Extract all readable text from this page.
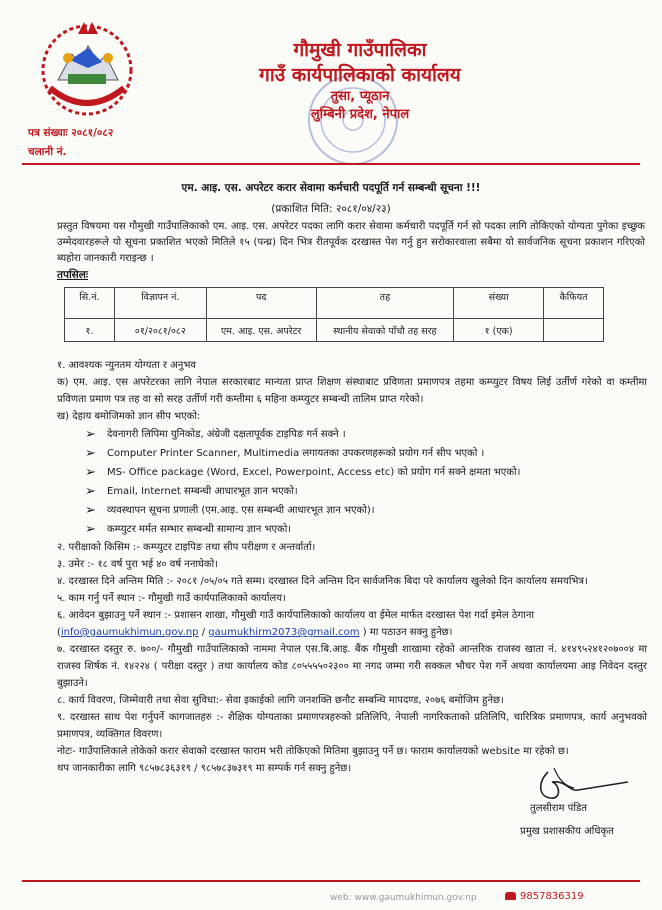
गौमुखी गाउँपालिका
गाउँ कार्यपालिकाको कार्यालय
तुसा, प्यूठान
लुम्बिनी प्रदेश, नेपाल
पत्र संख्याः २०८१/०८२
चलानी नं.
एम. आइ. एस. अपरेटर करार सेवामा कर्मचारी पदपूर्ति गर्न सम्बन्धी सूचना !!!
(प्रकाशित मिति: २०८१/०४/२३)
प्रस्तुत विषयमा यस गौमुखी गाउँपालिकाको एम. आइ. एस. अपरेटर पदका लागि करार सेवामा कर्मचारी पदपूर्ति गर्न सो पदका लागि तोकिएको योग्यता पुगेका इच्छुक उम्मेदवारहरूले यो सूचना प्रकाशित भएको मितिले १५ (पन्ध्र) दिन भित्र रीतपूर्वक दरखास्त पेश गर्नु हुन सरोकारवाला सबैमा यो सार्वजनिक सूचना प्रकाशन गरिएको ब्यहोरा जानकारी गराइन्छ ।
तपसिलः
सि.नं.	विज्ञापन नं.	पद	तह	संख्या	कैफियत
१.	०१/२०८१/०८२	एम. आइ. एस. अपरेटर	स्थानीय सेवाको पाँचौ तह सरह	१ (एक)	

१. आवश्यक न्युनतम योग्यता र अनुभव

क) एम. आइ. एस अपरेटरका लागि नेपाल सरकारबाट मान्यता प्राप्त शिक्षण संस्थाबाट प्रविणता प्रमाणपत्र तहमा कम्प्युटर विषय लिई उर्तीर्ण गरेको वा कम्तीमा प्रविणता प्रमाण पत्र तह वा सो सरह उर्तीर्ण गरी कम्तीमा ६ महिना कम्प्युटर सम्बन्धी तालिम प्राप्त गरेको।

ख) देहाय बमोजिमको ज्ञान सीप भएको:

➢ देवनागरी लिपिमा युनिकोड, अंग्रेजी दक्षतापूर्वक टाइपिङ गर्न सक्ने ।
➢ Computer Printer Scanner, Multimedia लगायतका उपकरणहरूको प्रयोग गर्न सीप भएको ।
➢ MS- Office package (Word, Excel, Powerpoint, Access etc) को प्रयोग गर्न सक्ने क्षमता भएको।
➢ Email, Internet सम्बन्धी आधारभूत ज्ञान भएको।
➢ व्यवस्थापन सूचना प्रणाली (एम.आइ. एस सम्बन्धी आधारभूत ज्ञान भएको)।
➢ कम्प्युटर मर्मत सम्भार सम्बन्धी सामान्य ज्ञान भएको।

२. परीक्षाको किसिम :- कम्प्युटर टाइपिङ तथा सीप परीक्षण र अन्तर्वार्ता।

३. उमेर :- १८ वर्ष पुरा भई ४० वर्ष ननाघेको।

४. दरखास्त दिने अन्तिम मिति :- २०८१ /०५/०५ गते सम्म। दरखास्त दिने अन्तिम दिन सार्वजनिक बिदा परे कार्यालय खुलेको दिन कार्यालय समयभित्र।

५. काम गर्नु पर्ने स्थान :- गौमुखी गाउँ कार्यपालिकाको कार्यालय।

६. आवेदन बुझाउनु पर्ने स्थान :- प्रशासन शाखा, गौमुखी गाउँ कार्यपालिकाको कार्यालय वा ईमेल मार्फत दरखास्त पेश गर्दा इमेल ठेगाना
(info@gaumukhimun.gov.np / gaumukhirm2073@gmail.com ) मा पठाउन सक्नु हुनेछ।

७. दरखास्त दस्तुर रु. ७००/- गौमुखी गाउँपालिकाको नाममा नेपाल एस.बि.आइ. बैंक गौमुखी शाखामा रहेको आन्तरिक राजस्व खाता नं. ४१४९५२४१२०७००४ मा राजस्व शिर्षक नं. १४२२४ ( परीक्षा दस्तुर ) तथा कार्यालय कोड ८०५५५५०२३०० मा नगद जम्मा गरी सक्कल भौचर पेश गर्ने अथवा कार्यालयमा आइ निवेदन दस्तुर बुझाउने।

८. कार्य विवरण, जिम्मेवारी तथा सेवा सुविधा:- सेवा इकाईको लागि जनशक्ति छनौट सम्बन्धि मापदण्ड, २०७६ बमोजिम हुनेछ।

९. दरखास्त साथ पेश गर्नुपर्ने कागजातहरु :- शैक्षिक योग्यताका प्रमाणपत्रहरुको प्रतिलिपि, नेपाली नागरिकताको प्रतिलिपि, चारित्रिक प्रमाणपत्र, कार्य अनुभवको प्रमाणपत्र, व्यक्तिगत विवरण।

नोटः- गाउँपालिकाले तोकेको करार सेवाको दरखास्त फाराम भरी तोकिएको मितिमा बुझाउनु पर्ने छ। फाराम कार्यालयको website मा रहेको छ।

थप जानकारीका लागि ९८५७८३६३१९ / ९८५७८३७३१९ मा सम्पर्क गर्न सक्नु हुनेछ।

तुलसीराम पंडित
प्रमुख प्रशासकीय अधिकृत
web: www.gaumukhimun.gov.np	9857836319
